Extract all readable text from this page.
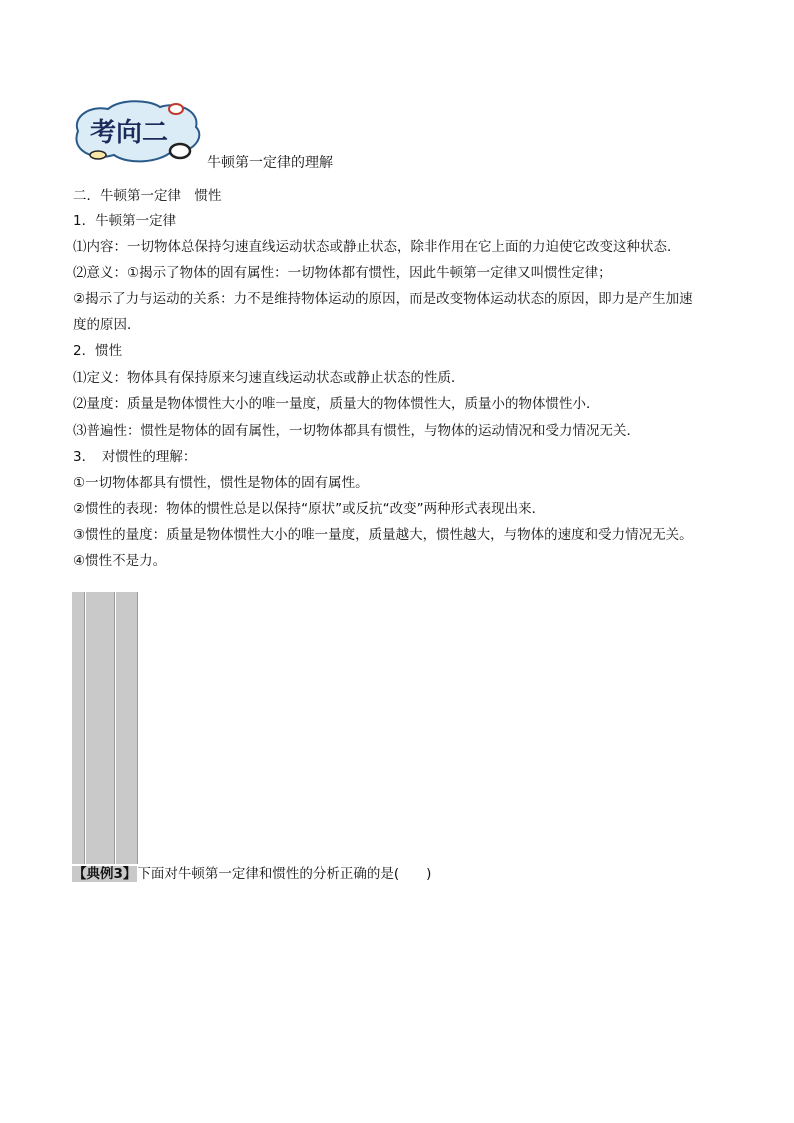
考向二
牛顿第一定律的理解
二．牛顿第一定律　惯性
1．牛顿第一定律
⑴内容：一切物体总保持匀速直线运动状态或静止状态，除非作用在它上面的力迫使它改变这种状态．
⑵意义：①揭示了物体的固有属性：一切物体都有惯性，因此牛顿第一定律又叫惯性定律；
②揭示了力与运动的关系：力不是维持物体运动的原因，而是改变物体运动状态的原因，即力是产生加速
度的原因．
2．惯性
⑴定义：物体具有保持原来匀速直线运动状态或静止状态的性质．
⑵量度：质量是物体惯性大小的唯一量度，质量大的物体惯性大，质量小的物体惯性小．
⑶普遍性：惯性是物体的固有属性，一切物体都具有惯性，与物体的运动情况和受力情况无关．
3．　对惯性的理解：
①一切物体都具有惯性，惯性是物体的固有属性。
②惯性的表现：物体的惯性总是以保持“原状”或反抗“改变”两种形式表现出来．
③惯性的量度：质量是物体惯性大小的唯一量度，质量越大，惯性越大，与物体的速度和受力情况无关。
④惯性不是力。
【典例3】下面对牛顿第一定律和惯性的分析正确的是(　　)
